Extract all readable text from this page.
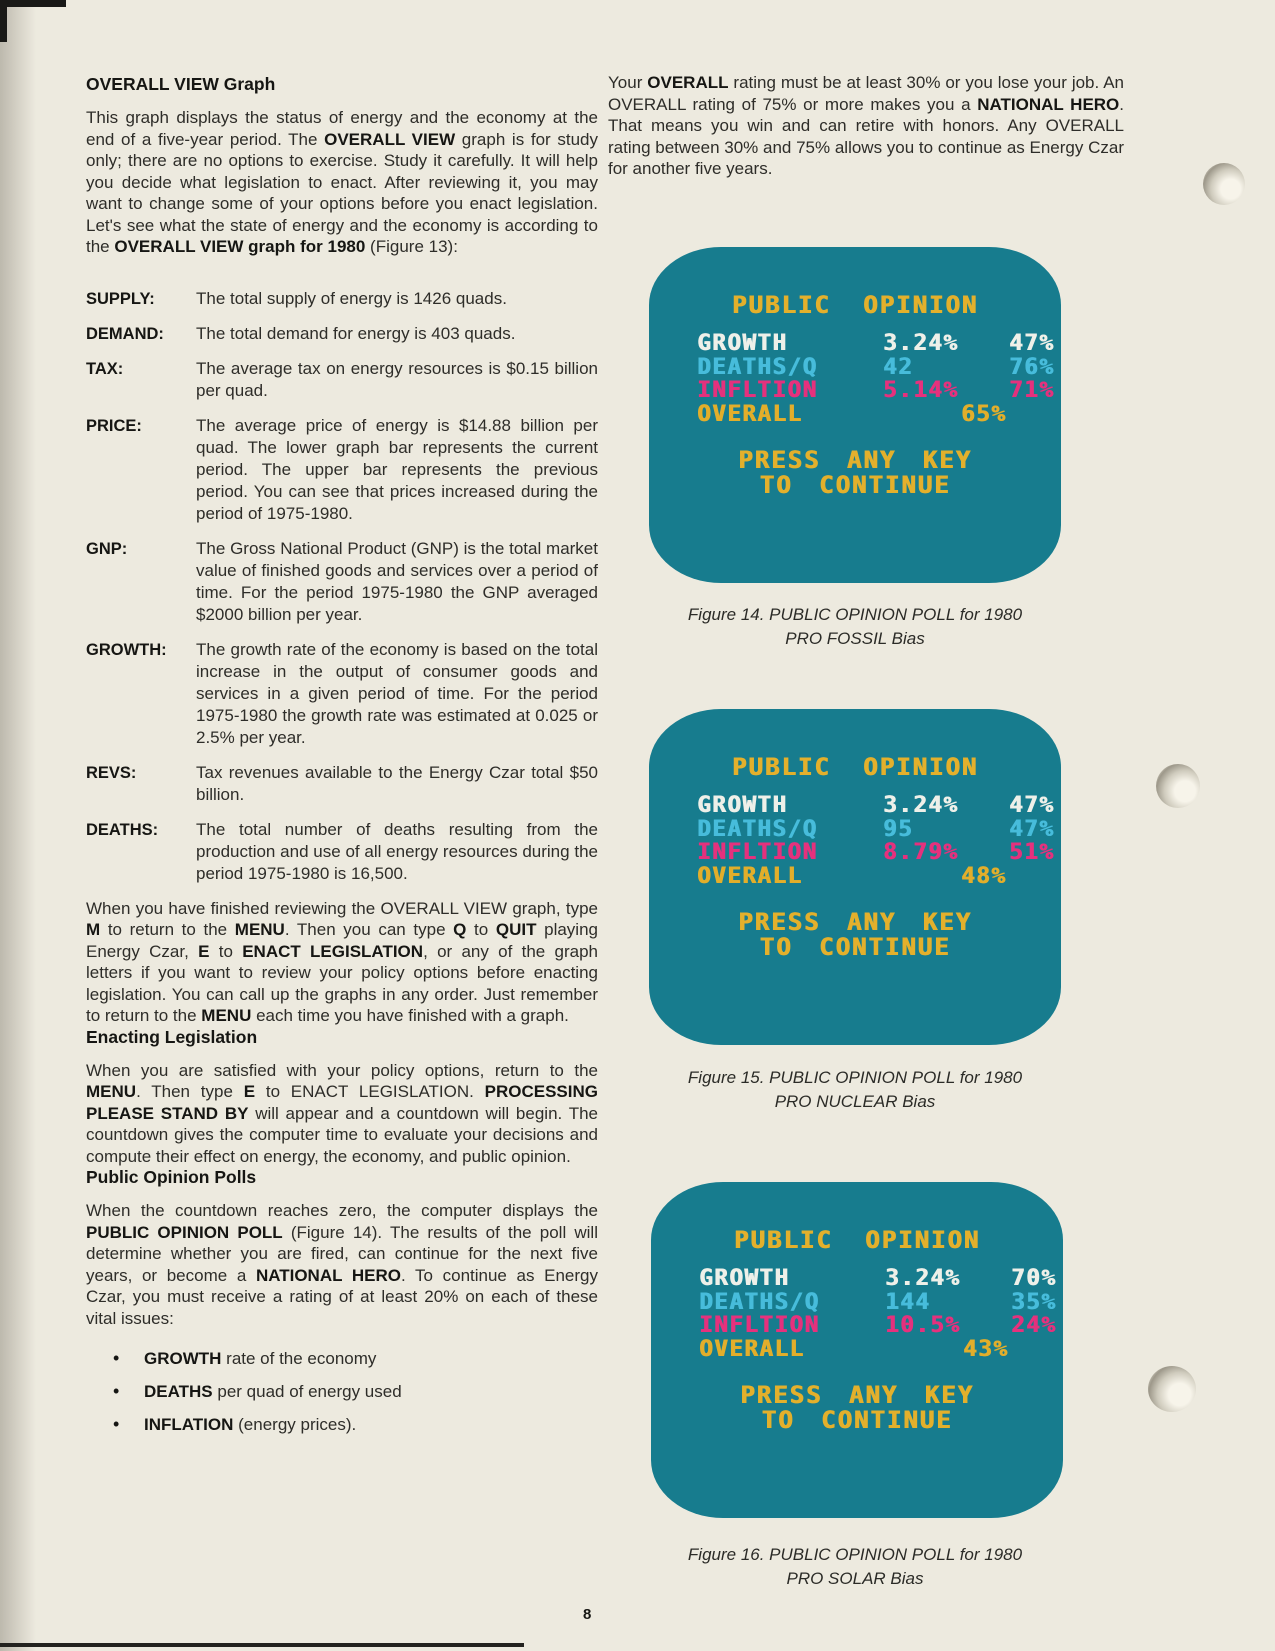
OVERALL VIEW Graph

This graph displays the status of energy and the economy at the end of a five-year period. The OVERALL VIEW graph is for study only; there are no options to exercise. Study it carefully. It will help you decide what legislation to enact. After reviewing it, you may want to change some of your options before you enact legislation. Let's see what the state of energy and the economy is according to the OVERALL VIEW graph for 1980 (Figure 13):

SUPPLY:	The total supply of energy is 1426 quads.
DEMAND:	The total demand for energy is 403 quads.
TAX:	The average tax on energy resources is $0.15 billion per quad.
PRICE:	The average price of energy is $14.88 billion per quad. The lower graph bar represents the current period. The upper bar represents the previous period. You can see that prices increased during the period of 1975-1980.
GNP:	The Gross National Product (GNP) is the total market value of finished goods and services over a period of time. For the period 1975-1980 the GNP averaged $2000 billion per year.
GROWTH:	The growth rate of the economy is based on the total increase in the output of consumer goods and services in a given period of time. For the period 1975-1980 the growth rate was estimated at 0.025 or 2.5% per year.
REVS:	Tax revenues available to the Energy Czar total $50 billion.
DEATHS:	The total number of deaths resulting from the production and use of all energy resources during the period 1975-1980 is 16,500.

When you have finished reviewing the OVERALL VIEW graph, type M to return to the MENU. Then you can type Q to QUIT playing Energy Czar, E to ENACT LEGISLATION, or any of the graph letters if you want to review your policy options before enacting legislation. You can call up the graphs in any order. Just remember to return to the MENU each time you have finished with a graph.

Enacting Legislation

When you are satisfied with your policy options, return to the MENU. Then type E to ENACT LEGISLATION. PROCESSING PLEASE STAND BY will appear and a countdown will begin. The countdown gives the computer time to evaluate your decisions and compute their effect on energy, the economy, and public opinion.

Public Opinion Polls

When the countdown reaches zero, the computer displays the PUBLIC OPINION POLL (Figure 14). The results of the poll will determine whether you are fired, can continue for the next five years, or become a NATIONAL HERO. To continue as Energy Czar, you must receive a rating of at least 20% on each of these vital issues:

• GROWTH rate of the economy
• DEATHS per quad of energy used
• INFLATION (energy prices).

Your OVERALL rating must be at least 30% or you lose your job. An OVERALL rating of 75% or more makes you a NATIONAL HERO. That means you win and can retire with honors. Any OVERALL rating between 30% and 75% allows you to continue as Energy Czar for another five years.

PUBLIC OPINION
GROWTH	3.24%	47%
DEATHS/Q	42	76%
INFLTION	5.14%	71%
OVERALL	65%
PRESS ANY KEY
TO CONTINUE
Figure 14. PUBLIC OPINION POLL for 1980
PRO FOSSIL Bias
PUBLIC OPINION
GROWTH	3.24%	47%
DEATHS/Q	95	47%
INFLTION	8.79%	51%
OVERALL	48%
PRESS ANY KEY
TO CONTINUE
Figure 15. PUBLIC OPINION POLL for 1980
PRO NUCLEAR Bias
PUBLIC OPINION
GROWTH	3.24%	70%
DEATHS/Q	144	35%
INFLTION	10.5%	24%
OVERALL	43%
PRESS ANY KEY
TO CONTINUE
Figure 16. PUBLIC OPINION POLL for 1980
PRO SOLAR Bias
8
